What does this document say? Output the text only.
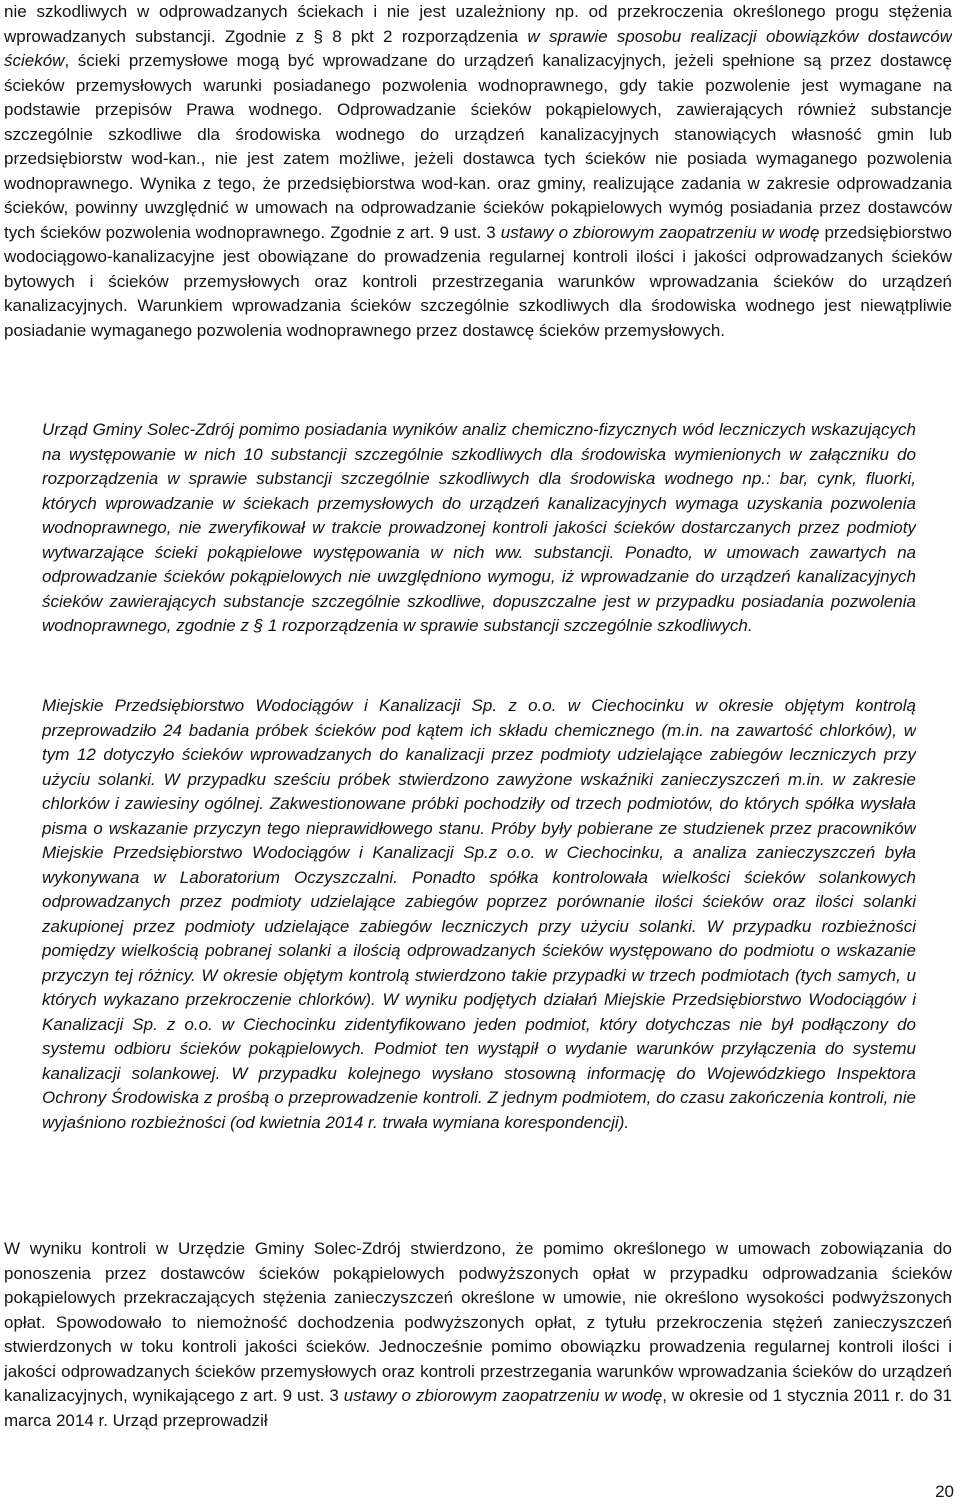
nie szkodliwych w odprowadzanych ściekach i nie jest uzależniony np. od przekroczenia określonego progu stężenia wprowadzanych substancji. Zgodnie z § 8 pkt 2 rozporządzenia w sprawie sposobu realizacji obowiązków dostawców ścieków, ścieki przemysłowe mogą być wprowadzane do urządzeń kanalizacyjnych, jeżeli spełnione są przez dostawcę ścieków przemysłowych warunki posiadanego pozwolenia wodnoprawnego, gdy takie pozwolenie jest wymagane na podstawie przepisów Prawa wodnego. Odprowadzanie ścieków pokąpielowych, zawierających również substancje szczególnie szkodliwe dla środowiska wodnego do urządzeń kanalizacyjnych stanowiących własność gmin lub przedsiębiorstw wod-kan., nie jest zatem możliwe, jeżeli dostawca tych ścieków nie posiada wymaganego pozwolenia wodnoprawnego. Wynika z tego, że przedsiębiorstwa wod-kan. oraz gminy, realizujące zadania w zakresie odprowadzania ścieków, powinny uwzględnić w umowach na odprowadzanie ścieków pokąpielowych wymóg posiadania przez dostawców tych ścieków pozwolenia wodnoprawnego. Zgodnie z art. 9 ust. 3 ustawy o zbiorowym zaopatrzeniu w wodę przedsiębiorstwo wodociągowo-kanalizacyjne jest obowiązane do prowadzenia regularnej kontroli ilości i jakości odprowadzanych ścieków bytowych i ścieków przemysłowych oraz kontroli przestrzegania warunków wprowadzania ścieków do urządzeń kanalizacyjnych. Warunkiem wprowadzania ścieków szczególnie szkodliwych dla środowiska wodnego jest niewątpliwie posiadanie wymaganego pozwolenia wodnoprawnego przez dostawcę ścieków przemysłowych.

Urząd Gminy Solec-Zdrój pomimo posiadania wyników analiz chemiczno-fizycznych wód leczniczych wskazujących na występowanie w nich 10 substancji szczególnie szkodliwych dla środowiska wymienionych w załączniku do rozporządzenia w sprawie substancji szczególnie szkodliwych dla środowiska wodnego np.: bar, cynk, fluorki, których wprowadzanie w ściekach przemysłowych do urządzeń kanalizacyjnych wymaga uzyskania pozwolenia wodnoprawnego, nie zweryfikował w trakcie prowadzonej kontroli jakości ścieków dostarczanych przez podmioty wytwarzające ścieki pokąpielowe występowania w nich ww. substancji. Ponadto, w umowach zawartych na odprowadzanie ścieków pokąpielowych nie uwzględniono wymogu, iż wprowadzanie do urządzeń kanalizacyjnych ścieków zawierających substancje szczególnie szkodliwe, dopuszczalne jest w przypadku posiadania pozwolenia wodnoprawnego, zgodnie z § 1 rozporządzenia w sprawie substancji szczególnie szkodliwych.

Miejskie Przedsiębiorstwo Wodociągów i Kanalizacji Sp. z o.o. w Ciechocinku w okresie objętym kontrolą przeprowadziło 24 badania próbek ścieków pod kątem ich składu chemicznego (m.in. na zawartość chlorków), w tym 12 dotyczyło ścieków wprowadzanych do kanalizacji przez podmioty udzielające zabiegów leczniczych przy użyciu solanki. W przypadku sześciu próbek stwierdzono zawyżone wskaźniki zanieczyszczeń m.in. w zakresie chlorków i zawiesiny ogólnej. Zakwestionowane próbki pochodziły od trzech podmiotów, do których spółka wysłała pisma o wskazanie przyczyn tego nieprawidłowego stanu. Próby były pobierane ze studzienek przez pracowników Miejskie Przedsiębiorstwo Wodociągów i Kanalizacji Sp.z o.o. w Ciechocinku, a analiza zanieczyszczeń była wykonywana w Laboratorium Oczyszczalni. Ponadto spółka kontrolowała wielkości ścieków solankowych odprowadzanych przez podmioty udzielające zabiegów poprzez porównanie ilości ścieków oraz ilości solanki zakupionej przez podmioty udzielające zabiegów leczniczych przy użyciu solanki. W przypadku rozbieżności pomiędzy wielkością pobranej solanki a ilością odprowadzanych ścieków występowano do podmiotu o wskazanie przyczyn tej różnicy. W okresie objętym kontrolą stwierdzono takie przypadki w trzech podmiotach (tych samych, u których wykazano przekroczenie chlorków). W wyniku podjętych działań Miejskie Przedsiębiorstwo Wodociągów i Kanalizacji Sp. z o.o. w Ciechocinku zidentyfikowano jeden podmiot, który dotychczas nie był podłączony do systemu odbioru ścieków pokąpielowych. Podmiot ten wystąpił o wydanie warunków przyłączenia do systemu kanalizacji solankowej. W przypadku kolejnego wysłano stosowną informację do Wojewódzkiego Inspektora Ochrony Środowiska z prośbą o przeprowadzenie kontroli. Z jednym podmiotem, do czasu zakończenia kontroli, nie wyjaśniono rozbieżności (od kwietnia 2014 r. trwała wymiana korespondencji).

W wyniku kontroli w Urzędzie Gminy Solec-Zdrój stwierdzono, że pomimo określonego w umowach zobowiązania do ponoszenia przez dostawców ścieków pokąpielowych podwyższonych opłat w przypadku odprowadzania ścieków pokąpielowych przekraczających stężenia zanieczyszczeń określone w umowie, nie określono wysokości podwyższonych opłat. Spowodowało to niemożność dochodzenia podwyższonych opłat, z tytułu przekroczenia stężeń zanieczyszczeń stwierdzonych w toku kontroli jakości ścieków. Jednocześnie pomimo obowiązku prowadzenia regularnej kontroli ilości i jakości odprowadzanych ścieków przemysłowych oraz kontroli przestrzegania warunków wprowadzania ścieków do urządzeń kanalizacyjnych, wynikającego z art. 9 ust. 3 ustawy o zbiorowym zaopatrzeniu w wodę, w okresie od 1 stycznia 2011 r. do 31 marca 2014 r. Urząd przeprowadził

20
